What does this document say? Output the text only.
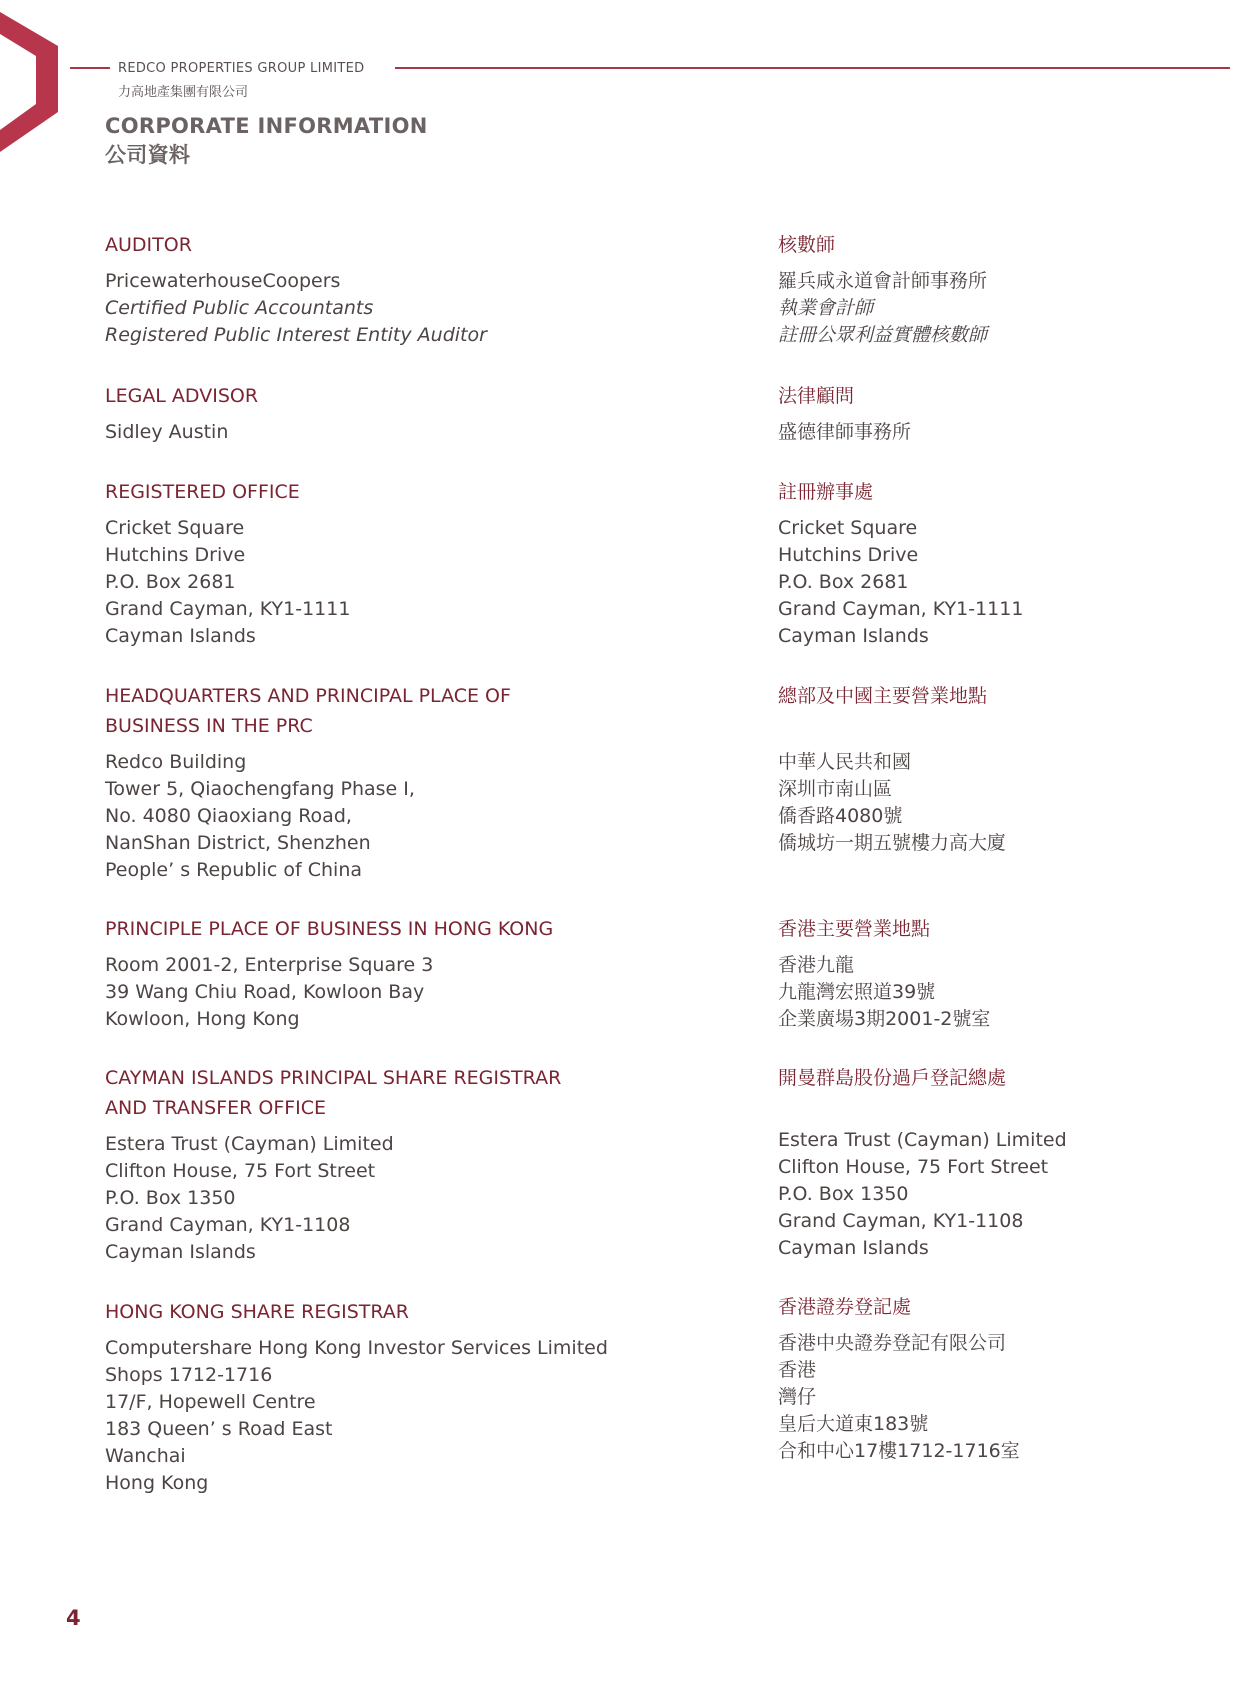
REDCO PROPERTIES GROUP LIMITED
力高地產集團有限公司
CORPORATE INFORMATION
公司資料
AUDITOR
PricewaterhouseCoopers
Certified Public Accountants
Registered Public Interest Entity Auditor
核數師
羅兵咸永道會計師事務所
執業會計師
註冊公眾利益實體核數師
LEGAL ADVISOR
Sidley Austin
法律顧問
盛德律師事務所
REGISTERED OFFICE
Cricket Square
Hutchins Drive
P.O. Box 2681
Grand Cayman, KY1-1111
Cayman Islands
註冊辦事處
Cricket Square
Hutchins Drive
P.O. Box 2681
Grand Cayman, KY1-1111
Cayman Islands
HEADQUARTERS AND PRINCIPAL PLACE OF
BUSINESS IN THE PRC
Redco Building
Tower 5, Qiaochengfang Phase I,
No. 4080 Qiaoxiang Road,
NanShan District, Shenzhen
People’ s Republic of China
總部及中國主要營業地點
中華人民共和國
深圳市南山區
僑香路4080號
僑城坊一期五號樓力高大廈
PRINCIPLE PLACE OF BUSINESS IN HONG KONG
Room 2001-2, Enterprise Square 3
39 Wang Chiu Road, Kowloon Bay
Kowloon, Hong Kong
香港主要營業地點
香港九龍
九龍灣宏照道39號
企業廣場3期2001-2號室
CAYMAN ISLANDS PRINCIPAL SHARE REGISTRAR
AND TRANSFER OFFICE
Estera Trust (Cayman) Limited
Clifton House, 75 Fort Street
P.O. Box 1350
Grand Cayman, KY1-1108
Cayman Islands
開曼群島股份過戶登記總處
Estera Trust (Cayman) Limited
Clifton House, 75 Fort Street
P.O. Box 1350
Grand Cayman, KY1-1108
Cayman Islands
HONG KONG SHARE REGISTRAR
Computershare Hong Kong Investor Services Limited
Shops 1712-1716
17/F, Hopewell Centre
183 Queen’ s Road East
Wanchai
Hong Kong
香港證券登記處
香港中央證券登記有限公司
香港
灣仔
皇后大道東183號
合和中心17樓1712-1716室
4
